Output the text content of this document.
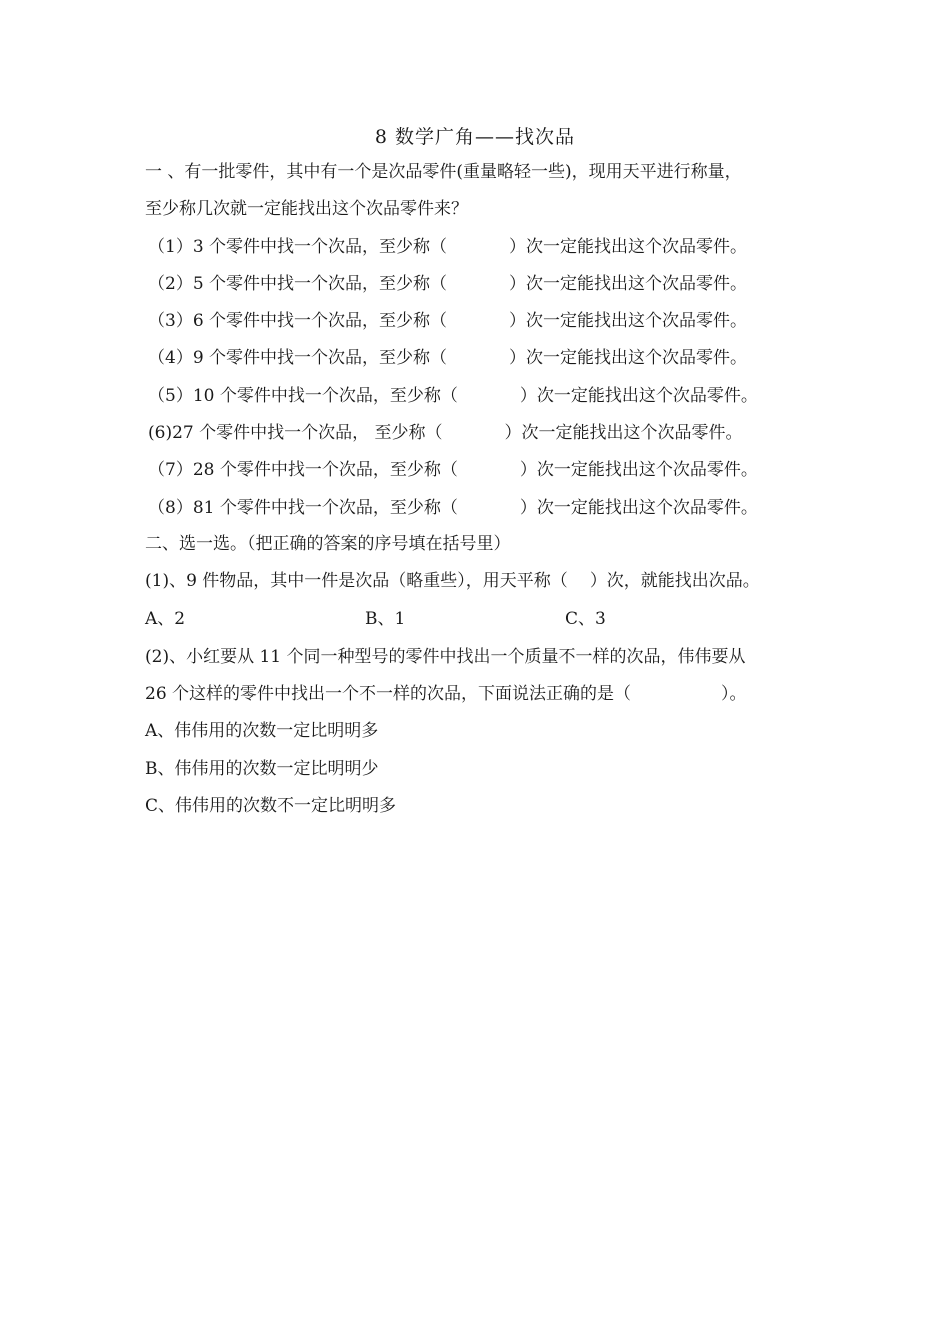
8 数学广角——找次品
一 、有一批零件，其中有一个是次品零件(重量略轻一些)，现用天平进行称量，
至少称几次就一定能找出这个次品零件来？
（1）3 个零件中找一个次品，至少称（	）次一定能找出这个次品零件。
（2）5 个零件中找一个次品，至少称（	）次一定能找出这个次品零件。
（3）6 个零件中找一个次品，至少称（	）次一定能找出这个次品零件。
（4）9 个零件中找一个次品，至少称（	）次一定能找出这个次品零件。
（5）10 个零件中找一个次品，至少称（	）次一定能找出这个次品零件。
(6)27 个零件中找一个次品， 至少称（	）次一定能找出这个次品零件。
（7）28 个零件中找一个次品，至少称（	）次一定能找出这个次品零件。
（8）81 个零件中找一个次品，至少称（	）次一定能找出这个次品零件。
二、选一选。（把正确的答案的序号填在括号里）
(1)、9 件物品，其中一件是次品（略重些），用天平称（ ）次，就能找出次品。
A、2	B、1	C、3
(2)、小红要从 11 个同一种型号的零件中找出一个质量不一样的次品，伟伟要从
26 个这样的零件中找出一个不一样的次品，下面说法正确的是（	）。
A、伟伟用的次数一定比明明多
B、伟伟用的次数一定比明明少
C、伟伟用的次数不一定比明明多
